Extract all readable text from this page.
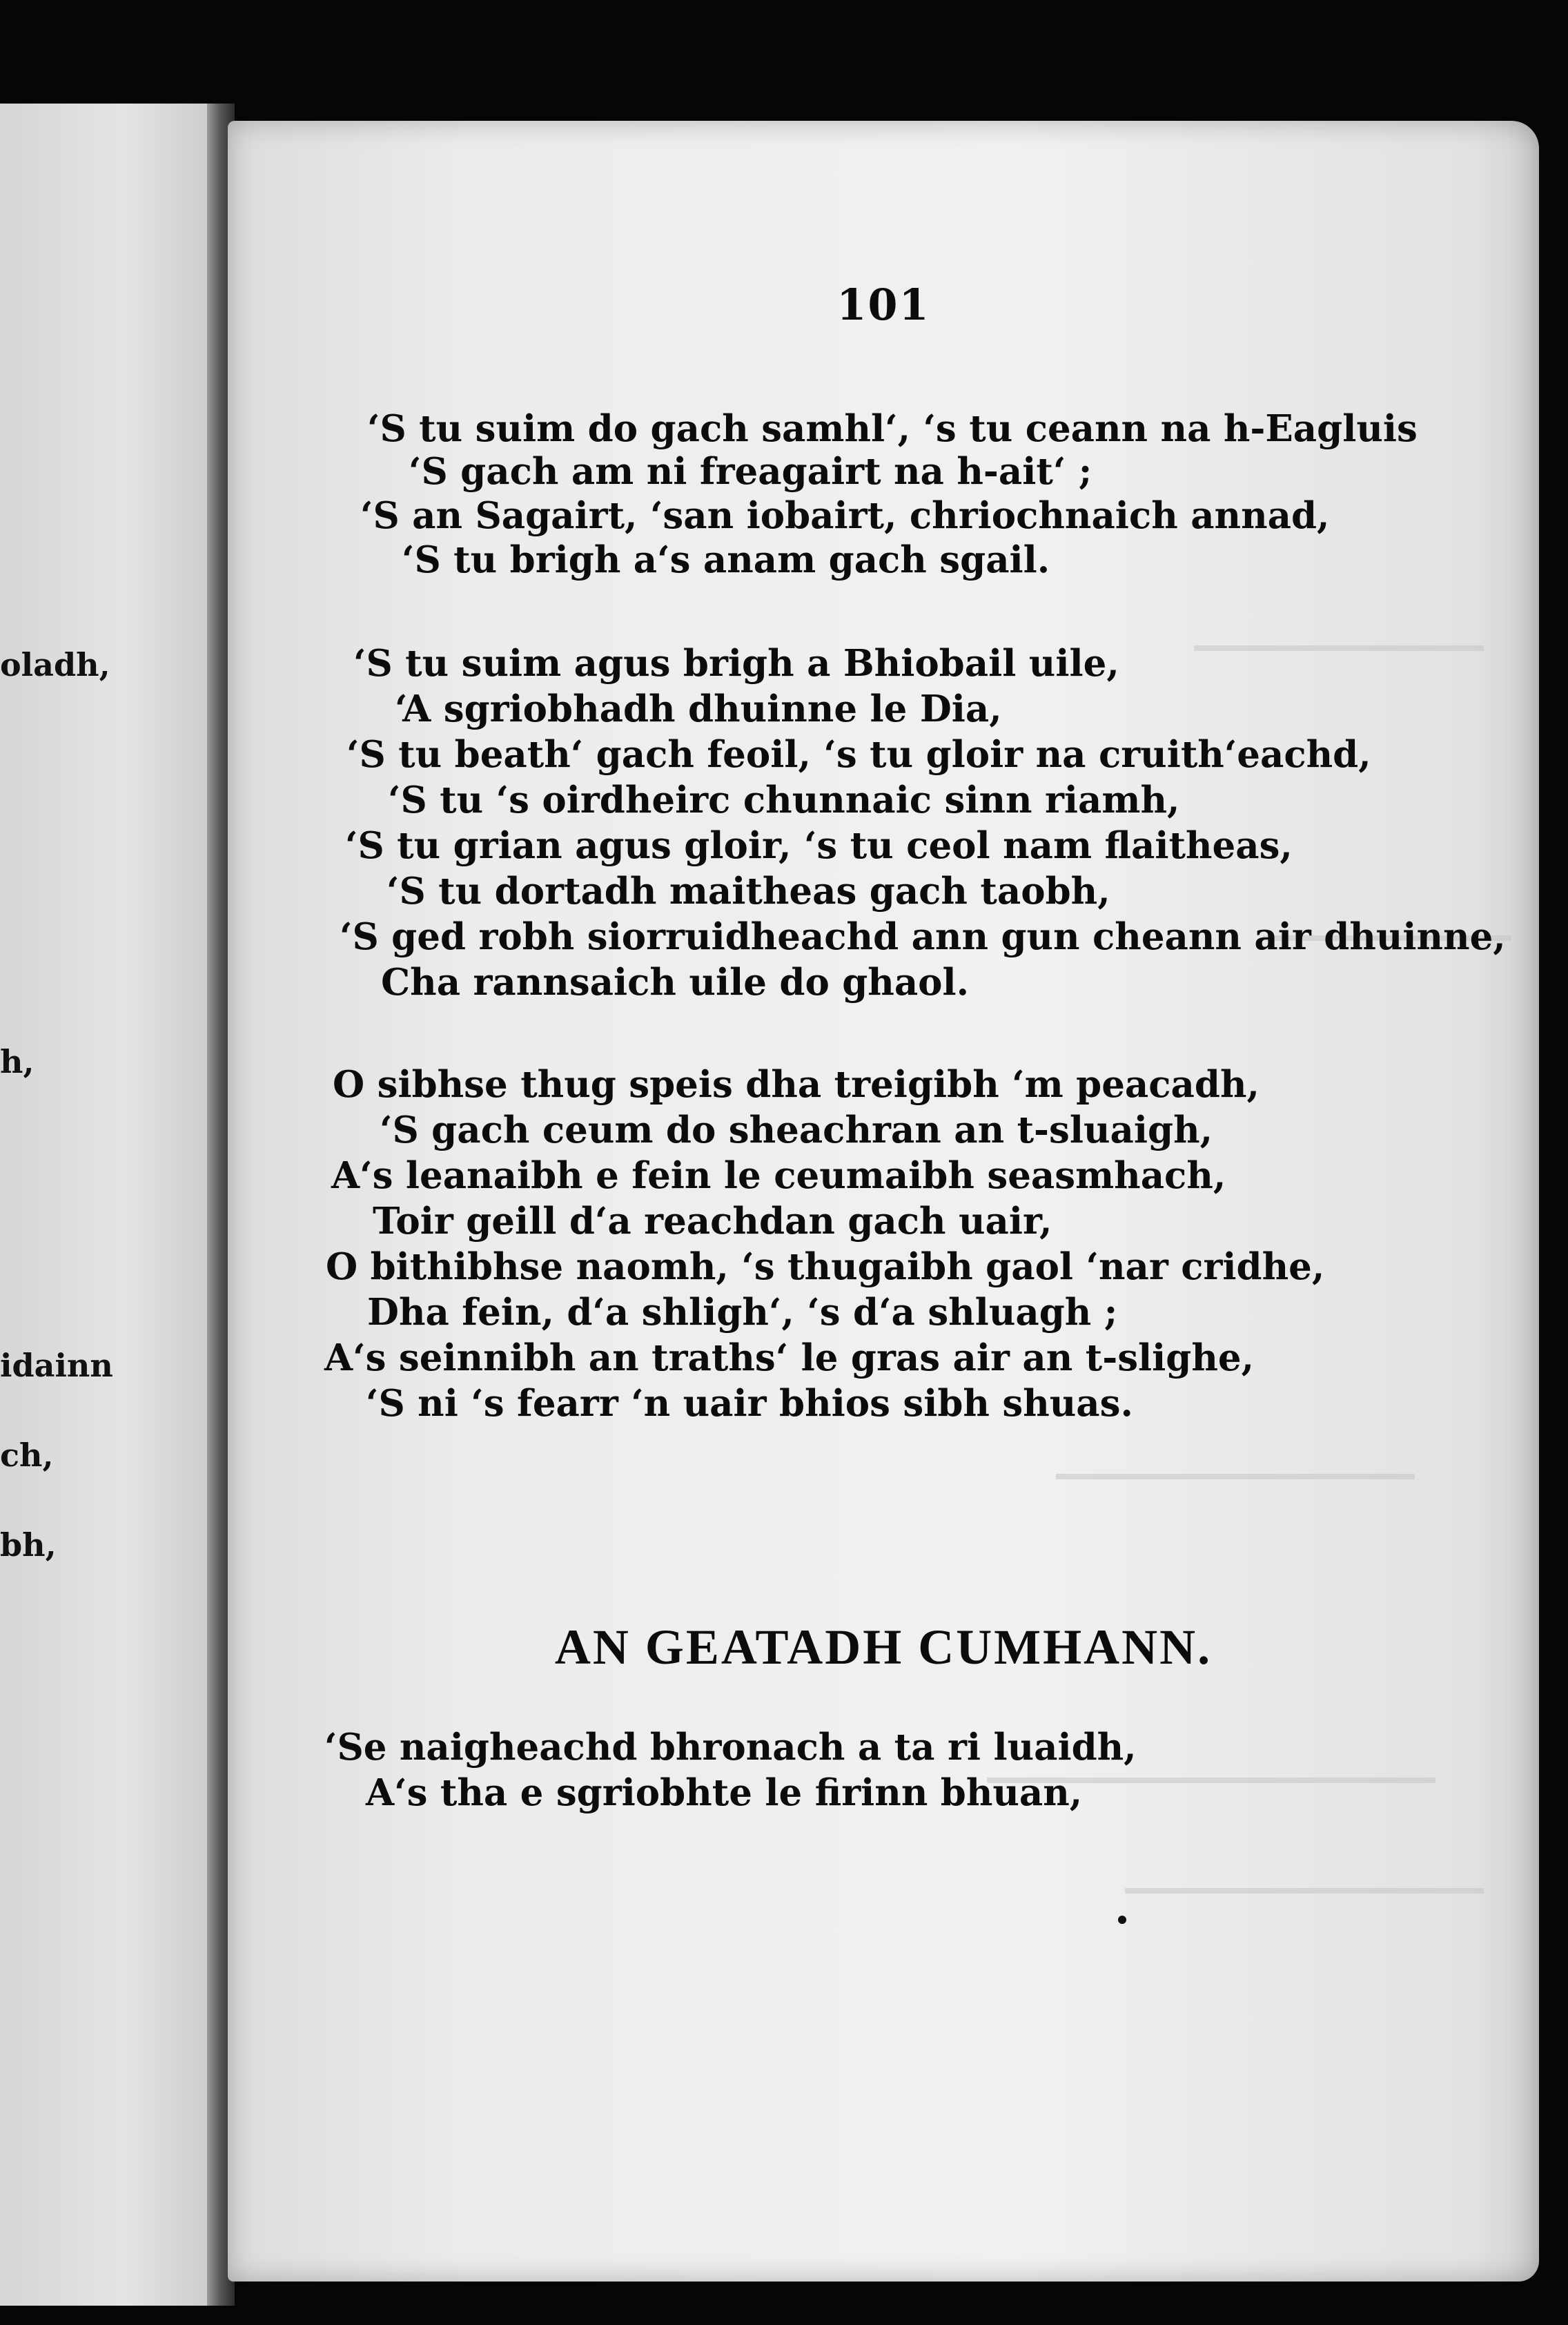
oladh,
h,
idainn
ch,
bh,
101
‘S tu suim do gach samhl‘, ‘s tu ceann na h-Eagluis
‘S gach am ni freagairt na h-ait‘ ;
‘S an Sagairt, ‘san iobairt, chriochnaich annad,
‘S tu brigh a‘s anam gach sgail.
‘S tu suim agus brigh a Bhiobail uile,
‘A sgriobhadh dhuinne le Dia,
‘S tu beath‘ gach feoil, ‘s tu gloir na cruith‘eachd,
‘S tu ‘s oirdheirc chunnaic sinn riamh,
‘S tu grian agus gloir, ‘s tu ceol nam flaitheas,
‘S tu dortadh maitheas gach taobh,
‘S ged robh siorruidheachd ann gun cheann air dhuinne,
Cha rannsaich uile do ghaol.
O sibhse thug speis dha treigibh ‘m peacadh,
‘S gach ceum do sheachran an t-sluaigh,
A‘s leanaibh e fein le ceumaibh seasmhach,
Toir geill d‘a reachdan gach uair,
O bithibhse naomh, ‘s thugaibh gaol ‘nar cridhe,
Dha fein, d‘a shligh‘, ‘s d‘a shluagh ;
A‘s seinnibh an traths‘ le gras air an t-slighe,
‘S ni ‘s fearr ‘n uair bhios sibh shuas.
AN GEATADH CUMHANN.
‘Se naigheachd bhronach a ta ri luaidh,
A‘s tha e sgriobhte le firinn bhuan,
